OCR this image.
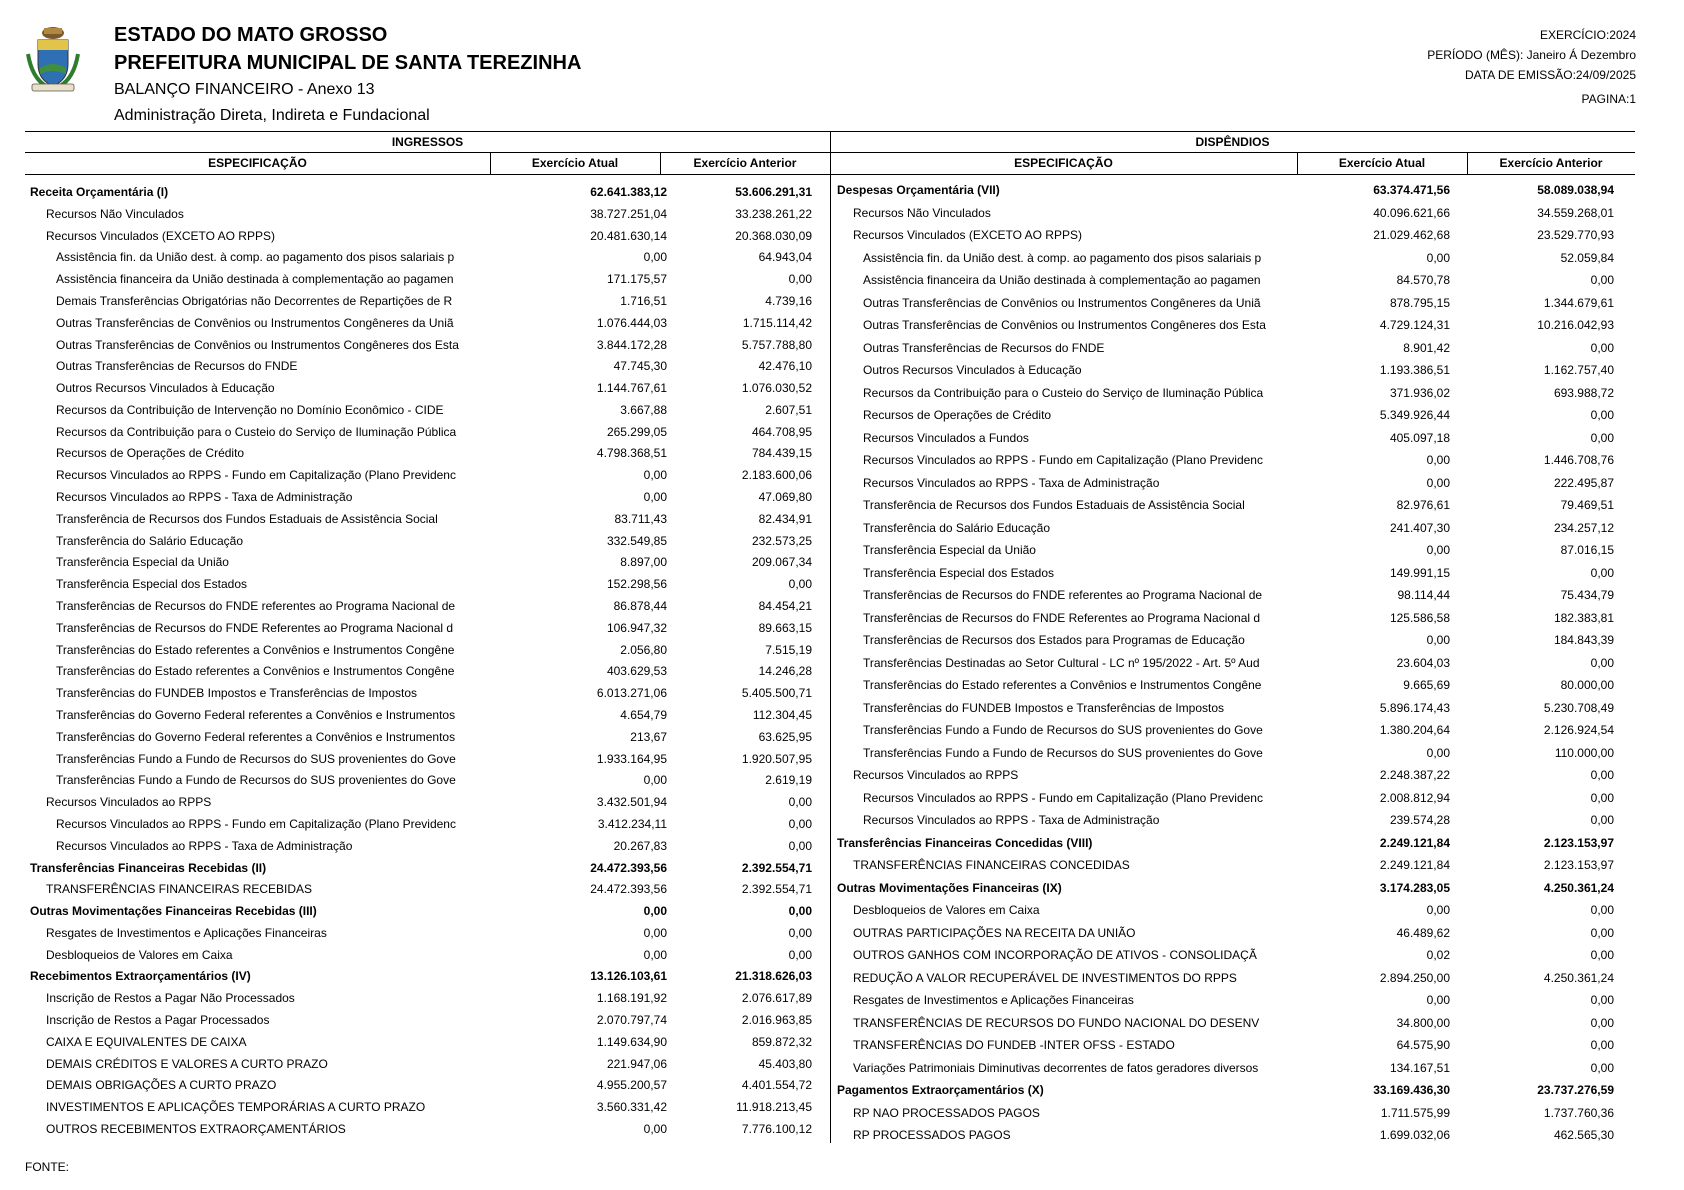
ESTADO DO MATO GROSSO
PREFEITURA MUNICIPAL DE SANTA TEREZINHA
BALANÇO FINANCEIRO - Anexo 13
Administração Direta, Indireta e Fundacional
EXERCÍCIO:2024
PERÍODO (MÊS): Janeiro Á Dezembro
DATA DE EMISSÃO:24/09/2025
PAGINA:1
INGRESSOS	DISPÊNDIOS
ESPECIFICAÇÃO	Exercício Atual	Exercício Anterior	ESPECIFICAÇÃO	Exercício Atual	Exercício Anterior
Receita Orçamentária (I)	62.641.383,12	53.606.291,31
Recursos Não Vinculados	38.727.251,04	33.238.261,22
Recursos Vinculados (EXCETO AO RPPS)	20.481.630,14	20.368.030,09
Assistência fin. da União dest. à comp. ao pagamento dos pisos salariais p	0,00	64.943,04
Assistência financeira da União destinada à complementação ao pagamen	171.175,57	0,00
Demais Transferências Obrigatórias não Decorrentes de Repartições de R	1.716,51	4.739,16
Outras Transferências de Convênios ou Instrumentos Congêneres da Uniã	1.076.444,03	1.715.114,42
Outras Transferências de Convênios ou Instrumentos Congêneres dos Esta	3.844.172,28	5.757.788,80
Outras Transferências de Recursos do FNDE	47.745,30	42.476,10
Outros Recursos Vinculados à Educação	1.144.767,61	1.076.030,52
Recursos da Contribuição de Intervenção no Domínio Econômico - CIDE	3.667,88	2.607,51
Recursos da Contribuição para o Custeio do Serviço de Iluminação Pública	265.299,05	464.708,95
Recursos de Operações de Crédito	4.798.368,51	784.439,15
Recursos Vinculados ao RPPS - Fundo em Capitalização (Plano Previdenc	0,00	2.183.600,06
Recursos Vinculados ao RPPS - Taxa de Administração	0,00	47.069,80
Transferência de Recursos dos Fundos Estaduais de Assistência Social	83.711,43	82.434,91
Transferência do Salário Educação	332.549,85	232.573,25
Transferência Especial da União	8.897,00	209.067,34
Transferência Especial dos Estados	152.298,56	0,00
Transferências de Recursos do FNDE referentes ao Programa Nacional de	86.878,44	84.454,21
Transferências de Recursos do FNDE Referentes ao Programa Nacional d	106.947,32	89.663,15
Transferências do Estado referentes a Convênios e Instrumentos Congêne	2.056,80	7.515,19
Transferências do Estado referentes a Convênios e Instrumentos Congêne	403.629,53	14.246,28
Transferências do FUNDEB Impostos e Transferências de Impostos	6.013.271,06	5.405.500,71
Transferências do Governo Federal referentes a Convênios e Instrumentos	4.654,79	112.304,45
Transferências do Governo Federal referentes a Convênios e Instrumentos	213,67	63.625,95
Transferências Fundo a Fundo de Recursos do SUS provenientes do Gove	1.933.164,95	1.920.507,95
Transferências Fundo a Fundo de Recursos do SUS provenientes do Gove	0,00	2.619,19
Recursos Vinculados ao RPPS	3.432.501,94	0,00
Recursos Vinculados ao RPPS - Fundo em Capitalização (Plano Previdenc	3.412.234,11	0,00
Recursos Vinculados ao RPPS - Taxa de Administração	20.267,83	0,00
Transferências Financeiras Recebidas (II)	24.472.393,56	2.392.554,71
TRANSFERÊNCIAS FINANCEIRAS RECEBIDAS	24.472.393,56	2.392.554,71
Outras Movimentações Financeiras Recebidas (III)	0,00	0,00
Resgates de Investimentos e Aplicações Financeiras	0,00	0,00
Desbloqueios de Valores em Caixa	0,00	0,00
Recebimentos Extraorçamentários (IV)	13.126.103,61	21.318.626,03
Inscrição de Restos a Pagar Não Processados	1.168.191,92	2.076.617,89
Inscrição de Restos a Pagar Processados	2.070.797,74	2.016.963,85
CAIXA E EQUIVALENTES DE CAIXA	1.149.634,90	859.872,32
DEMAIS CRÉDITOS E VALORES A CURTO PRAZO	221.947,06	45.403,80
DEMAIS OBRIGAÇÕES A CURTO PRAZO	4.955.200,57	4.401.554,72
INVESTIMENTOS E APLICAÇÕES TEMPORÁRIAS A CURTO PRAZO	3.560.331,42	11.918.213,45
OUTROS RECEBIMENTOS EXTRAORÇAMENTÁRIOS	0,00	7.776.100,12
Despesas Orçamentária (VII)	63.374.471,56	58.089.038,94
Recursos Não Vinculados	40.096.621,66	34.559.268,01
Recursos Vinculados (EXCETO AO RPPS)	21.029.462,68	23.529.770,93
Assistência fin. da União dest. à comp. ao pagamento dos pisos salariais p	0,00	52.059,84
Assistência financeira da União destinada à complementação ao pagamen	84.570,78	0,00
Outras Transferências de Convênios ou Instrumentos Congêneres da Uniã	878.795,15	1.344.679,61
Outras Transferências de Convênios ou Instrumentos Congêneres dos Esta	4.729.124,31	10.216.042,93
Outras Transferências de Recursos do FNDE	8.901,42	0,00
Outros Recursos Vinculados à Educação	1.193.386,51	1.162.757,40
Recursos da Contribuição para o Custeio do Serviço de Iluminação Pública	371.936,02	693.988,72
Recursos de Operações de Crédito	5.349.926,44	0,00
Recursos Vinculados a Fundos	405.097,18	0,00
Recursos Vinculados ao RPPS - Fundo em Capitalização (Plano Previdenc	0,00	1.446.708,76
Recursos Vinculados ao RPPS - Taxa de Administração	0,00	222.495,87
Transferência de Recursos dos Fundos Estaduais de Assistência Social	82.976,61	79.469,51
Transferência do Salário Educação	241.407,30	234.257,12
Transferência Especial da União	0,00	87.016,15
Transferência Especial dos Estados	149.991,15	0,00
Transferências de Recursos do FNDE referentes ao Programa Nacional de	98.114,44	75.434,79
Transferências de Recursos do FNDE Referentes ao Programa Nacional d	125.586,58	182.383,81
Transferências de Recursos dos Estados para Programas de Educação	0,00	184.843,39
Transferências Destinadas ao Setor Cultural - LC nº 195/2022 - Art. 5º Aud	23.604,03	0,00
Transferências do Estado referentes a Convênios e Instrumentos Congêne	9.665,69	80.000,00
Transferências do FUNDEB Impostos e Transferências de Impostos	5.896.174,43	5.230.708,49
Transferências Fundo a Fundo de Recursos do SUS provenientes do Gove	1.380.204,64	2.126.924,54
Transferências Fundo a Fundo de Recursos do SUS provenientes do Gove	0,00	110.000,00
Recursos Vinculados ao RPPS	2.248.387,22	0,00
Recursos Vinculados ao RPPS - Fundo em Capitalização (Plano Previdenc	2.008.812,94	0,00
Recursos Vinculados ao RPPS - Taxa de Administração	239.574,28	0,00
Transferências Financeiras Concedidas (VIII)	2.249.121,84	2.123.153,97
TRANSFERÊNCIAS FINANCEIRAS CONCEDIDAS	2.249.121,84	2.123.153,97
Outras Movimentações Financeiras (IX)	3.174.283,05	4.250.361,24
Desbloqueios de Valores em Caixa	0,00	0,00
OUTRAS PARTICIPAÇÕES NA RECEITA DA UNIÃO	46.489,62	0,00
OUTROS GANHOS COM INCORPORAÇÃO DE ATIVOS - CONSOLIDAÇÃ	0,02	0,00
REDUÇÃO A VALOR RECUPERÁVEL DE INVESTIMENTOS DO RPPS	2.894.250,00	4.250.361,24
Resgates de Investimentos e Aplicações Financeiras	0,00	0,00
TRANSFERÊNCIAS DE RECURSOS DO FUNDO NACIONAL DO DESENV	34.800,00	0,00
TRANSFERÊNCIAS DO FUNDEB -INTER OFSS - ESTADO	64.575,90	0,00
Variações Patrimoniais Diminutivas decorrentes de fatos geradores diversos	134.167,51	0,00
Pagamentos Extraorçamentários (X)	33.169.436,30	23.737.276,59
RP NAO PROCESSADOS PAGOS	1.711.575,99	1.737.760,36
RP PROCESSADOS PAGOS	1.699.032,06	462.565,30
FONTE:
